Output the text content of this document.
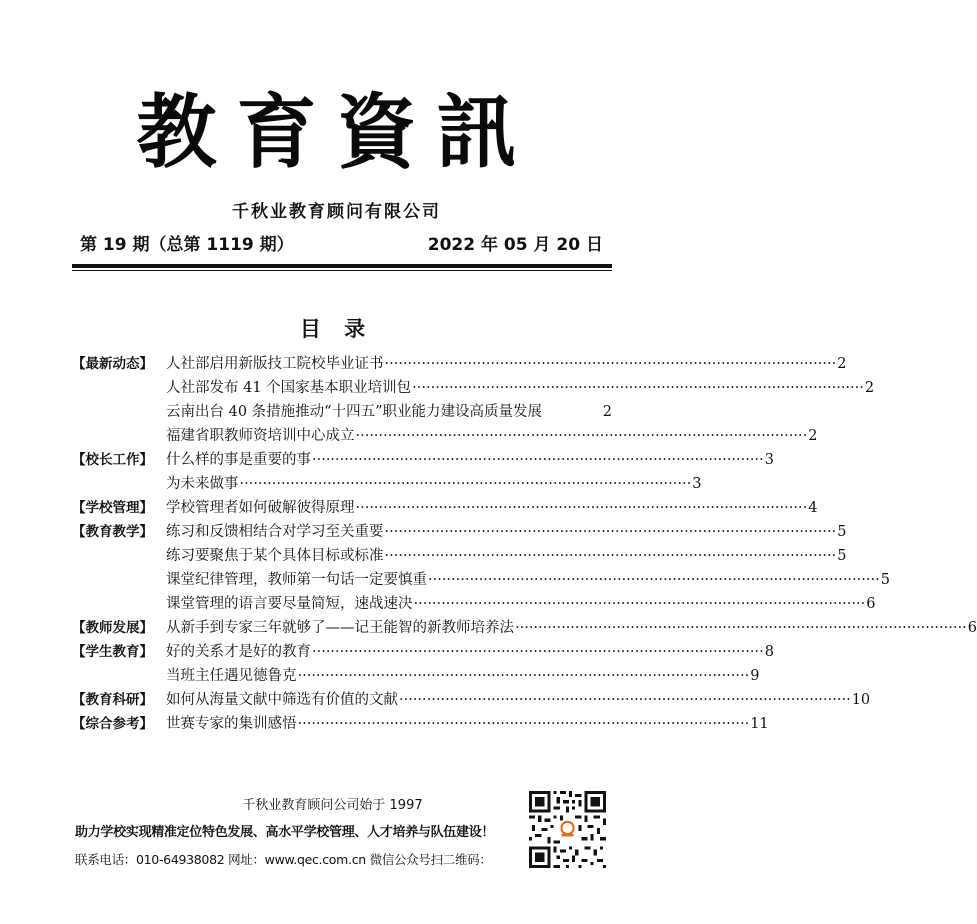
教育資訊
千秋业教育顾问有限公司
第 19 期（总第 1119 期）	2022 年 05 月 20 日
目 录
【最新动态】 人社部启用新版技工院校毕业证书 ·································································································· 2
人社部发布 41 个国家基本职业培训包 ·································································································· 2
云南出台 40 条措施推动“十四五”职业能力建设高质量发展	2
福建省职教师资培训中心成立 ·································································································· 2
【校长工作】 什么样的事是重要的事 ·································································································· 3
为未来做事 ·································································································· 3
【学校管理】 学校管理者如何破解彼得原理 ·································································································· 4
【教育教学】 练习和反馈相结合对学习至关重要 ·································································································· 5
练习要聚焦于某个具体目标或标准 ·································································································· 5
课堂纪律管理，教师第一句话一定要慎重 ·································································································· 5
课堂管理的语言要尽量简短，速战速决 ·································································································· 6
【教师发展】 从新手到专家三年就够了——记王能智的新教师培养法 ·································································································· 6
【学生教育】 好的关系才是好的教育 ·································································································· 8
当班主任遇见德鲁克 ·································································································· 9
【教育科研】 如何从海量文献中筛选有价值的文献 ·································································································· 10
【综合参考】 世赛专家的集训感悟 ·································································································· 11
千秋业教育顾问公司始于 1997
助力学校实现精准定位特色发展、高水平学校管理、人才培养与队伍建设！
联系电话：010-64938082 网址：www.qec.com.cn 微信公众号扫二维码：
